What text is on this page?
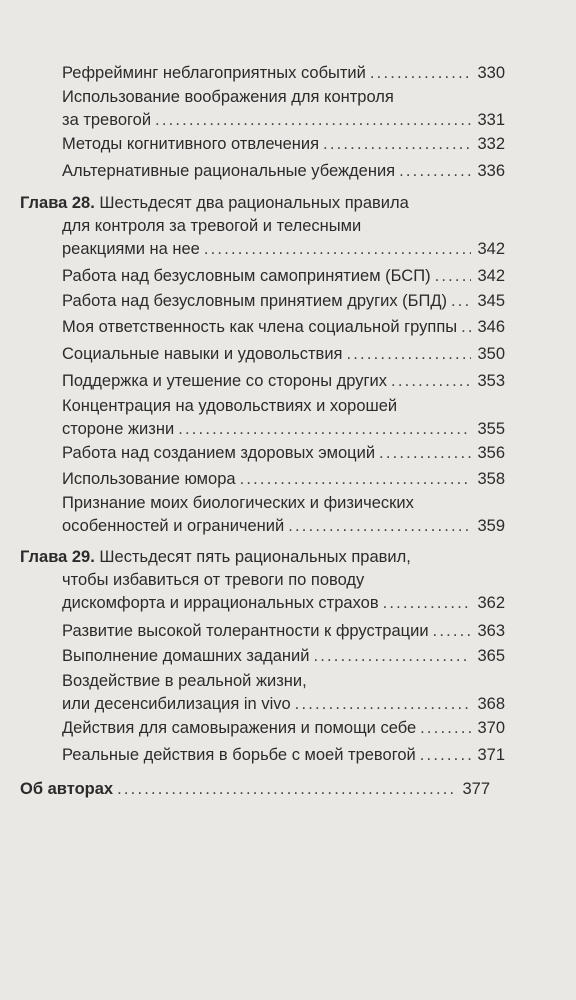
Рефрейминг неблагоприятных событий .....	330
Использование воображения для контроля
за тревогой .....	331
Методы когнитивного отвлечения .....	332
Альтернативные рациональные убеждения .....	336
Глава 28. Шестьдесят два рациональных правила
для контроля за тревогой и телесными
реакциями на нее .....	342
Работа над безусловным самопринятием (БСП) .....	342
Работа над безусловным принятием других (БПД) ..... 345
Моя ответственность как члена социальной группы ..... 346
Социальные навыки и удовольствия .....	350
Поддержка и утешение со стороны других .....	353
Концентрация на удовольствиях и хорошей
стороне жизни .....	355
Работа над созданием здоровых эмоций .....	356
Использование юмора .....	358
Признание моих биологических и физических
особенностей и ограничений .....	359
Глава 29. Шестьдесят пять рациональных правил,
чтобы избавиться от тревоги по поводу
дискомфорта и иррациональных страхов .....	362
Развитие высокой толерантности к фрустрации .....	363
Выполнение домашних заданий .....	365
Воздействие в реальной жизни,
или десенсибилизация in vivo .....	368
Действия для самовыражения и помощи себе .....	370
Реальные действия в борьбе с моей тревогой .....	371
Об авторах .....	377
